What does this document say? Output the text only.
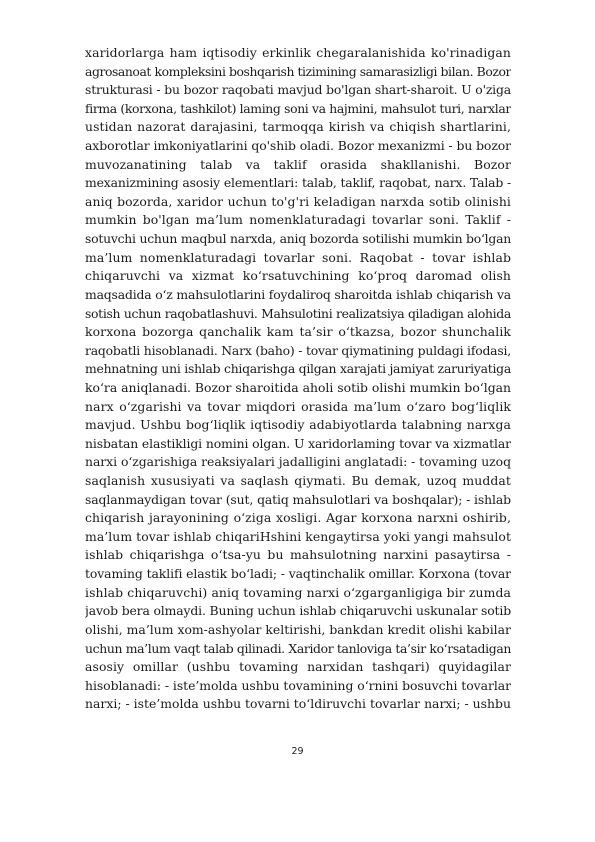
xaridorlarga ham iqtisodiy erkinlik chegaralanishida ko'rinadigan
agrosanoat kompleksini boshqarish tizimining samarasizligi bilan. Bozor
strukturasi - bu bozor raqobati mavjud bo'lgan shart-sharoit. U o'ziga
firma (korxona, tashkilot) laming soni va hajmini, mahsulot turi, narxlar
ustidan nazorat darajasini, tarmoqqa kirish va chiqish shartlarini,
axborotlar imkoniyatlarini qo'shib oladi. Bozor mexanizmi - bu bozor
muvozanatining talab va taklif orasida shakllanishi. Bozor
mexanizmining asosiy elementlari: talab, taklif, raqobat, narx. Talab -
aniq bozorda, xaridor uchun to'g'ri keladigan narxda sotib olinishi
mumkin bo'lgan ma’lum nomenklaturadagi tovarlar soni. Taklif -
sotuvchi uchun maqbul narxda, aniq bozorda sotilishi mumkin bo‘lgan
ma’lum nomenklaturadagi tovarlar soni. Raqobat - tovar ishlab
chiqaruvchi va xizmat ko‘rsatuvchining ko‘proq daromad olish
maqsadida o‘z mahsulotlarini foydaliroq sharoitda ishlab chiqarish va
sotish uchun raqobatlashuvi. Mahsulotini realizatsiya qiladigan alohida
korxona bozorga qanchalik kam ta’sir o‘tkazsa, bozor shunchalik
raqobatli hisoblanadi. Narx (baho) - tovar qiymatining puldagi ifodasi,
mehnatning uni ishlab chiqarishga qilgan xarajati jamiyat zaruriyatiga
ko‘ra aniqlanadi. Bozor sharoitida aholi sotib olishi mumkin bo‘lgan
narx o‘zgarishi va tovar miqdori orasida ma’lum o‘zaro bog‘liqlik
mavjud. Ushbu bog‘liqlik iqtisodiy adabiyotlarda talabning narxga
nisbatan elastikligi nomini olgan. U xaridorlaming tovar va xizmatlar
narxi o‘zgarishiga reaksiyalari jadalligini anglatadi: - tovaming uzoq
saqlanish xususiyati va saqlash qiymati. Bu demak, uzoq muddat
saqlanmaydigan tovar (sut, qatiq mahsulotlari va boshqalar); - ishlab
chiqarish jarayonining o‘ziga xosligi. Agar korxona narxni oshirib,
ma’lum tovar ishlab chiqariHshini kengaytirsa yoki yangi mahsulot
ishlab chiqarishga o‘tsa-yu bu mahsulotning narxini pasaytirsa -
tovaming taklifi elastik bo‘ladi; - vaqtinchalik omillar. Korxona (tovar
ishlab chiqaruvchi) aniq tovaming narxi o‘zgarganligiga bir zumda
javob bera olmaydi. Buning uchun ishlab chiqaruvchi uskunalar sotib
olishi, ma’lum xom-ashyolar keltirishi, bankdan kredit olishi kabilar
uchun ma’lum vaqt talab qilinadi. Xaridor tanloviga ta’sir ko‘rsatadigan
asosiy omillar (ushbu tovaming narxidan tashqari) quyidagilar
hisoblanadi: - iste’molda ushbu tovamining o‘rnini bosuvchi tovarlar
narxi; - iste’molda ushbu tovarni to‘ldiruvchi tovarlar narxi; - ushbu
29
